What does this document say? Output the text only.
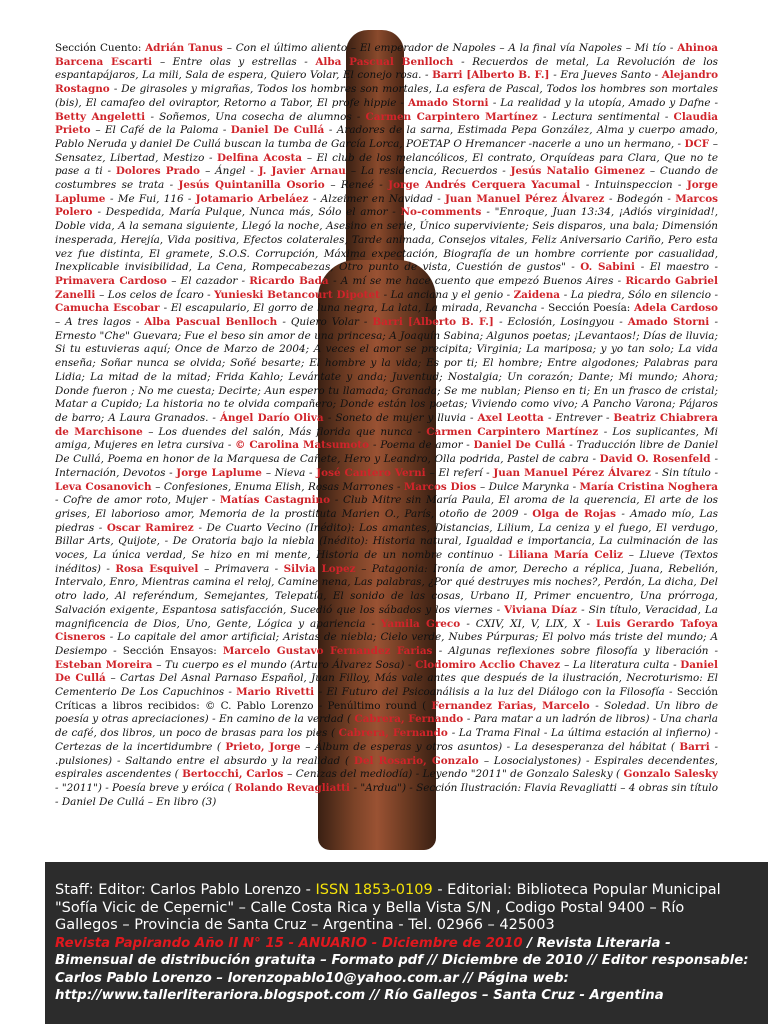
Sección Cuento: Adrián Tanus – Con el último aliento – El emperador de Napoles – A la final vía Napoles – Mi tío - Ahinoa Barcena Escarti – Entre olas y estrellas - Alba Pascual Benlloch - Recuerdos de metal, La Revolución de los espantapájaros, La mili, Sala de espera, Quiero Volar, El conejo rosa. - Barri [Alberto B. F.] - Era Jueves Santo - Alejandro Rostagno - De girasoles y migrañas, Todos los hombres son mortales, La esfera de Pascal, Todos los hombres son mortales (bis), El camafeo del oviraptor, Retorno a Tabor, El profe hippie - Amado Storni - La realidad y la utopía, Amado y Dafne - Betty Angeletti - Soñemos, Una cosecha de alumnos - Carmen Carpintero Martínez - Lectura sentimental - Claudia Prieto – El Café de la Paloma - Daniel De Cullá - Aradores de la sarna, Estimada Pepa González, Alma y cuerpo amado, Pablo Neruda y daniel De Cullá buscan la tumba de García Lorca, POETAP O Hremancer -nacerle a uno un hermano, - DCF – Sensatez, Libertad, Mestizo - Delfina Acosta – El club de los melancólicos, El contrato, Orquídeas para Clara, Que no te pase a ti - Dolores Prado – Ángel - J. Javier Arnau – La residencia, Recuerdos - Jesús Natalio Gimenez – Cuando de costumbres se trata - Jesús Quintanilla Osorio – Reneé - Jorge Andrés Cerquera Yacumal - Intuinspeccion - Jorge Laplume - Me Fui, 116 - Jotamario Arbeláez - Alzeimer en Navidad - Juan Manuel Pérez Álvarez - Bodegón - Marcos Polero - Despedida, María Pulque, Nunca más, Sólo el amor - No-comments - "Enroque, Juan 13:34, ¡Adiós virginidad!, Doble vida, A la semana siguiente, Llegó la noche, Asesino en serie, Único superviviente; Seis disparos, una bala; Dimensión inesperada, Herejía, Vida positiva, Efectos colaterales, Tarde animada, Consejos vitales, Feliz Aniversario Cariño, Pero esta vez fue distinta, El gramete, S.O.S. Corrupción, Máxima expectación, Biografía de un hombre corriente por casualidad, Inexplicable invisibilidad, La Cena, Rompecabezas, Otro punto de vista, Cuestión de gustos" - O. Sabini - El maestro - Primavera Cardoso – El cazador - Ricardo Bada - A mí se me hace cuento que empezó Buenos Aires - Ricardo Gabriel Zanelli – Los celos de Ícaro - Yunieski Betancourt Dipotet - La anciana y el genio - Zaidena - La piedra, Sólo en silencio - Camucha Escobar - El escapulario, El gorro de luna negra, La lata, La mirada, Revancha - Sección Poesía: Adela Cardoso – A tres lagos - Alba Pascual Benlloch - Quiero Volar - Barri [Alberto B. F.] - Eclosión, Losingyou - Amado Storni - Ernesto "Che" Guevara; Fue el beso sin amor de una princesa; A Joaquín Sabina; Algunos poetas; ¡Levantaos!; Días de lluvia; Si tu estuvieras aquí; Once de Marzo de 2004; A veces el amor se precipita; Virginia; La mariposa; y yo tan solo; La vida enseña; Soñar nunca se olvida; Soñé besarte; El hombre y la vida; Es por ti; El hombre; Entre algodones; Palabras para Lidia; La mitad de la mitad; Frida Kahlo; Levántate y anda; Juventud; Nostalgia; Un corazón; Dante; Mi mundo; Ahora; Donde fueron ; No me cuesta; Decirte; Aun espero tu llamada; Granada; Se me nublan; Pienso en ti; En un frasco de cristal; Matar a Cupido; La historia no te olvida compañero; Donde están los poetas; Viviendo como vivo; A Pancho Varona; Pájaros de barro; A Laura Granados. - Ángel Darío Oliva - Soneto de mujer y lluvia - Axel Leotta - Entrever - Beatriz Chiabrera de Marchisone – Los duendes del salón, Más florida que nunca - Carmen Carpintero Martínez - Los suplicantes, Mi amiga, Mujeres en letra cursiva - © Carolina Matsumoto - Poema de amor - Daniel De Cullá - Traducción libre de Daniel De Cullá, Poema en honor de la Marquesa de Cañete, Hero y Leandro, Olla podrida, Pastel de cabra - David O. Rosenfeld - Internación, Devotos - Jorge Laplume – Nieva - José Cantero Verni – El referí - Juan Manuel Pérez Álvarez - Sin título - Leva Cosanovich – Confesiones, Enuma Elish, Rosas Marrones - Marcos Dios – Dulce Marynka - María Cristina Noghera - Cofre de amor roto, Mujer - Matías Castagnino - Club Mitre sin María Paula, El aroma de la querencia, El arte de los grises, El laborioso amor, Memoria de la prostituta Marien O., París, otoño de 2009 - Olga de Rojas - Amado mío, Las piedras - Oscar Ramirez - De Cuarto Vecino (Inédito): Los amantes, Distancias, Lilium, La ceniza y el fuego, El verdugo, Billar Arts, Quijote, - De Oratoria bajo la niebla (Inédito): Historia natural, Igualdad e importancia, La culminación de las voces, La única verdad, Se hizo en mi mente, Historia de un nombre continuo - Liliana María Celiz – Llueve (Textos inéditos) - Rosa Esquivel – Primavera - Silvia Lopez – Patagonia: Ironía de amor, Derecho a réplica, Juana, Rebelión, Intervalo, Enro, Mientras camina el reloj, Camine nena, Las palabras, ¿Por qué destruyes mis noches?, Perdón, La dicha, Del otro lado, Al referéndum, Semejantes, Telepatía, El sonido de las cosas, Urbano II, Primer encuentro, Una prórroga, Salvación exigente, Espantosa satisfacción, Sucedió que los sábados y los viernes - Viviana Díaz - Sin título, Veracidad, La magnificencia de Dios, Uno, Gente, Lógica y apariencia - Yamila Greco - CXIV, XI, V, LIX, X - Luis Gerardo Tafoya Cisneros - Lo capitale del amor artificial; Aristas de niebla; Cielo verde, Nubes Púrpuras; El polvo más triste del mundo; A Desiempo - Sección Ensayos: Marcelo Gustavo Fernandez Farias - Algunas reflexiones sobre filosofía y liberación - Esteban Moreira – Tu cuerpo es el mundo (Arturo Álvarez Sosa) - Clodomiro Acclio Chavez – La literatura culta - Daniel De Cullá – Cartas Del Asnal Parnaso Español, Juan Filloy, Más vale antes que después de la ilustración, Necroturismo: El Cementerio De Los Capuchinos - Mario Rivetti - El Futuro del Psicoanálisis a la luz del Diálogo con la Filosofía - Sección Críticas a libros recibidos: © C. Pablo Lorenzo - Penúltimo round ( Fernandez Farias, Marcelo - Soledad. Un libro de poesía y otras apreciaciones) - En camino de la verdad ( Cabrera, Fernando - Para matar a un ladrón de libros) - Una charla de café, dos libros, un poco de brasas para los pies ( Cabrera, Fernando - La Trama Final - La última estación al infierno) - Certezas de la incertidumbre ( Prieto, Jorge – Álbum de esperas y otros asuntos) - La desesperanza del hábitat ( Barri - .pulsiones) - Saltando entre el absurdo y la realidad ( Del Rosario, Gonzalo – Losocialystones) - Espirales decendentes, espirales ascendentes ( Bertocchi, Carlos – Cenizas del mediodía) - Leyendo "2011" de Gonzalo Salesky ( Gonzalo Salesky - "2011") - Poesía breve y eróica ( Rolando Revagliatti - "Ardua") - Sección Ilustración: Flavia Revagliatti – 4 obras sin título - Daniel De Cullá – En libro (3)
Staff: Editor: Carlos Pablo Lorenzo - ISSN 1853-0109 - Editorial: Biblioteca Popular Municipal "Sofía Vicic de Cepernic" – Calle Costa Rica y Bella Vista S/N , Codigo Postal 9400 – Río Gallegos – Provincia de Santa Cruz – Argentina - Tel. 02966 – 425003
Revista Papirando Año II N° 15 - ANUARIO - Diciembre de 2010 / Revista Literaria - Bimensual de distribución gratuita – Formato pdf // Diciembre de 2010 // Editor responsable: Carlos Pablo Lorenzo – lorenzopablo10@yahoo.com.ar // Página web: http://www.tallerliterariora.blogspot.com // Río Gallegos – Santa Cruz - Argentina
